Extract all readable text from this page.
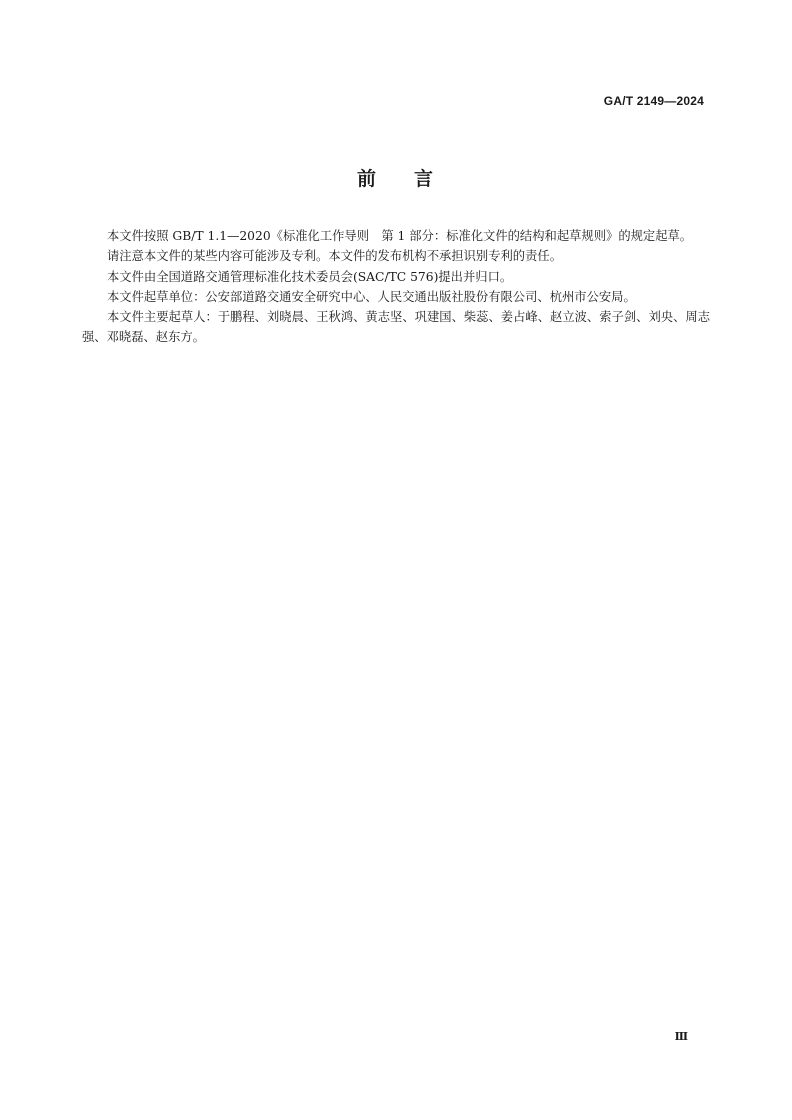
GA/T 2149—2024
前 言

本文件按照 GB/T 1.1—2020《标准化工作导则　第 1 部分：标准化文件的结构和起草规则》的规定起草。

请注意本文件的某些内容可能涉及专利。本文件的发布机构不承担识别专利的责任。

本文件由全国道路交通管理标准化技术委员会(SAC/TC 576)提出并归口。

本文件起草单位：公安部道路交通安全研究中心、人民交通出版社股份有限公司、杭州市公安局。

本文件主要起草人：于鹏程、刘晓晨、王秋鸿、黄志坚、巩建国、柴蕊、姜占峰、赵立波、索子剑、刘央、周志强、邓晓磊、赵东方。

Ⅲ
